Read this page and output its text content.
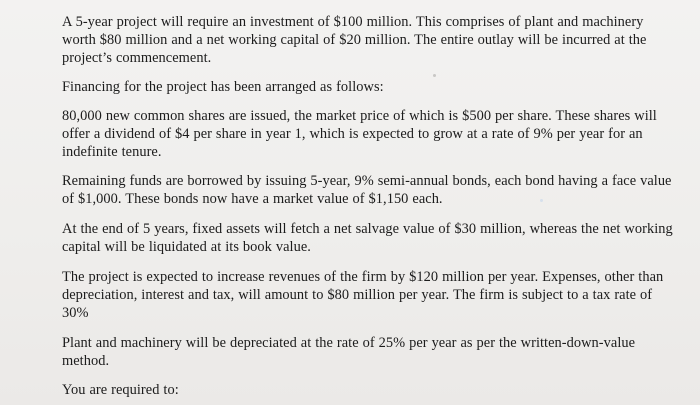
A 5-year project will require an investment of $100 million. This comprises of plant and machinery worth $80 million and a net working capital of $20 million. The entire outlay will be incurred at the project’s commencement.

Financing for the project has been arranged as follows:

80,000 new common shares are issued, the market price of which is $500 per share. These shares will offer a dividend of $4 per share in year 1, which is expected to grow at a rate of 9% per year for an indefinite tenure.

Remaining funds are borrowed by issuing 5-year, 9% semi-annual bonds, each bond having a face value of $1,000. These bonds now have a market value of $1,150 each.

At the end of 5 years, fixed assets will fetch a net salvage value of $30 million, whereas the net working capital will be liquidated at its book value.

The project is expected to increase revenues of the firm by $120 million per year. Expenses, other than depreciation, interest and tax, will amount to $80 million per year. The firm is subject to a tax rate of 30%

Plant and machinery will be depreciated at the rate of 25% per year as per the written-down-value method.

You are required to:
